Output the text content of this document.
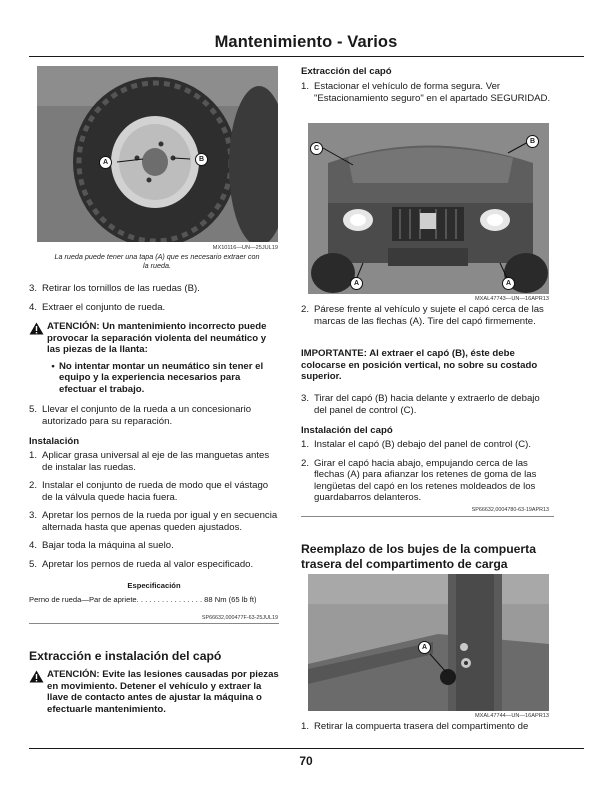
Mantenimiento - Varios
A	B
MX10116—UN—25JUL19
La rueda puede tener una tapa (A) que es necesario extraer con la rueda.
3. Retirar los tornillos de las ruedas (B).
4. Extraer el conjunto de rueda.
ATENCIÓN: Un mantenimiento incorrecto puede provocar la separación violenta del neumático y las piezas de la llanta:
• No intentar montar un neumático sin tener el equipo y la experiencia necesarios para efectuar el trabajo.
5. Llevar el conjunto de la rueda a un concesionario autorizado para su reparación.
Instalación
1. Aplicar grasa universal al eje de las manguetas antes de instalar las ruedas.
2. Instalar el conjunto de rueda de modo que el vástago de la válvula quede hacia fuera.
3. Apretar los pernos de la rueda por igual y en secuencia alternada hasta que apenas queden ajustados.
4. Bajar toda la máquina al suelo.
5. Apretar los pernos de rueda al valor especificado.
Especificación
Perno de rueda—Par de apriete. . . . . . . . . . . . . . . . 88 Nm (65 lb ft)
SP66632,000477F-63-25JUL19
Extracción e instalación del capó
ATENCIÓN: Evite las lesiones causadas por piezas en movimiento. Detener el vehículo y extraer la llave de contacto antes de ajustar la máquina o efectuarle mantenimiento.
Extracción del capó
1. Estacionar el vehículo de forma segura. Ver "Estacionamiento seguro" en el apartado SEGURIDAD.
C
B
A	A
MXAL47743—UN—16APR13
2. Párese frente al vehículo y sujete el capó cerca de las marcas de las flechas (A). Tire del capó firmemente.
IMPORTANTE: Al extraer el capó (B), éste debe colocarse en posición vertical, no sobre su costado superior.
3. Tirar del capó (B) hacia delante y extraerlo de debajo del panel de control (C).
Instalación del capó
1. Instalar el capó (B) debajo del panel de control (C).
2. Girar el capó hacia abajo, empujando cerca de las flechas (A) para afianzar los retenes de goma de las lengüetas del capó en los retenes moldeados de los guardabarros delanteros.
SP66632,0004780-63-19APR13
Reemplazo de los bujes de la compuerta trasera del compartimento de carga
A
MXAL47744—UN—16APR13
1. Retirar la compuerta trasera del compartimento de
70
